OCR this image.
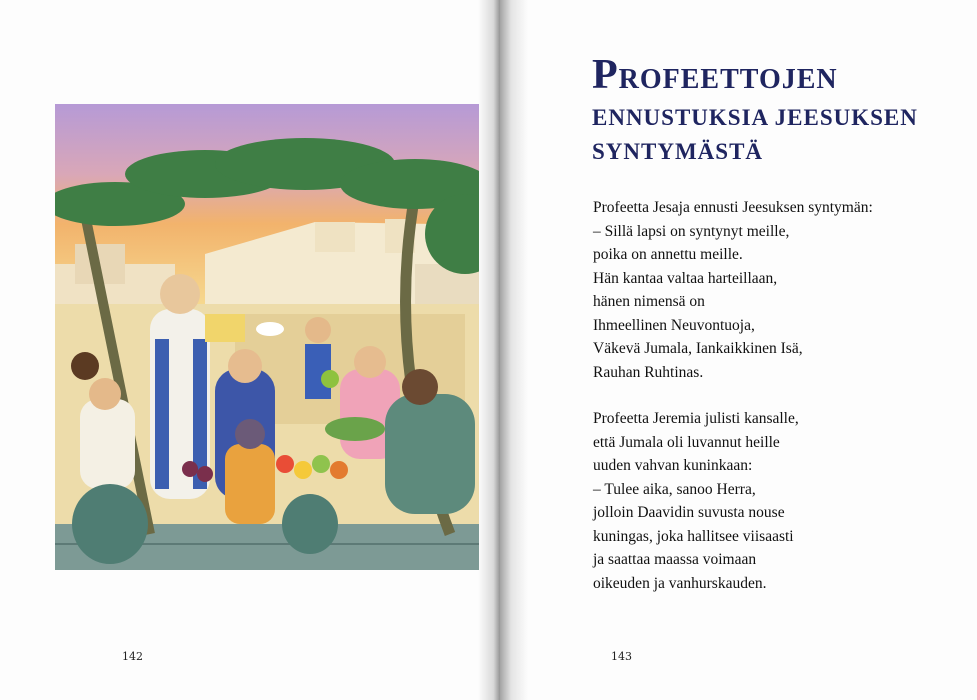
142
PROFEETTOJEN
ENNUSTUKSIA JEESUKSEN
SYNTYMÄSTÄ
Profeetta Jesaja ennusti Jeesuksen syntymän:
– Sillä lapsi on syntynyt meille,
poika on annettu meille.
Hän kantaa valtaa harteillaan,
hänen nimensä on
Ihmeellinen Neuvontuoja,
Väkevä Jumala, Iankaikkinen Isä,
Rauhan Ruhtinas.
Profeetta Jeremia julisti kansalle,
että Jumala oli luvannut heille
uuden vahvan kuninkaan:
– Tulee aika, sanoo Herra,
jolloin Daavidin suvusta nouse
kuningas, joka hallitsee viisaasti
ja saattaa maassa voimaan
oikeuden ja vanhurskauden.
143
